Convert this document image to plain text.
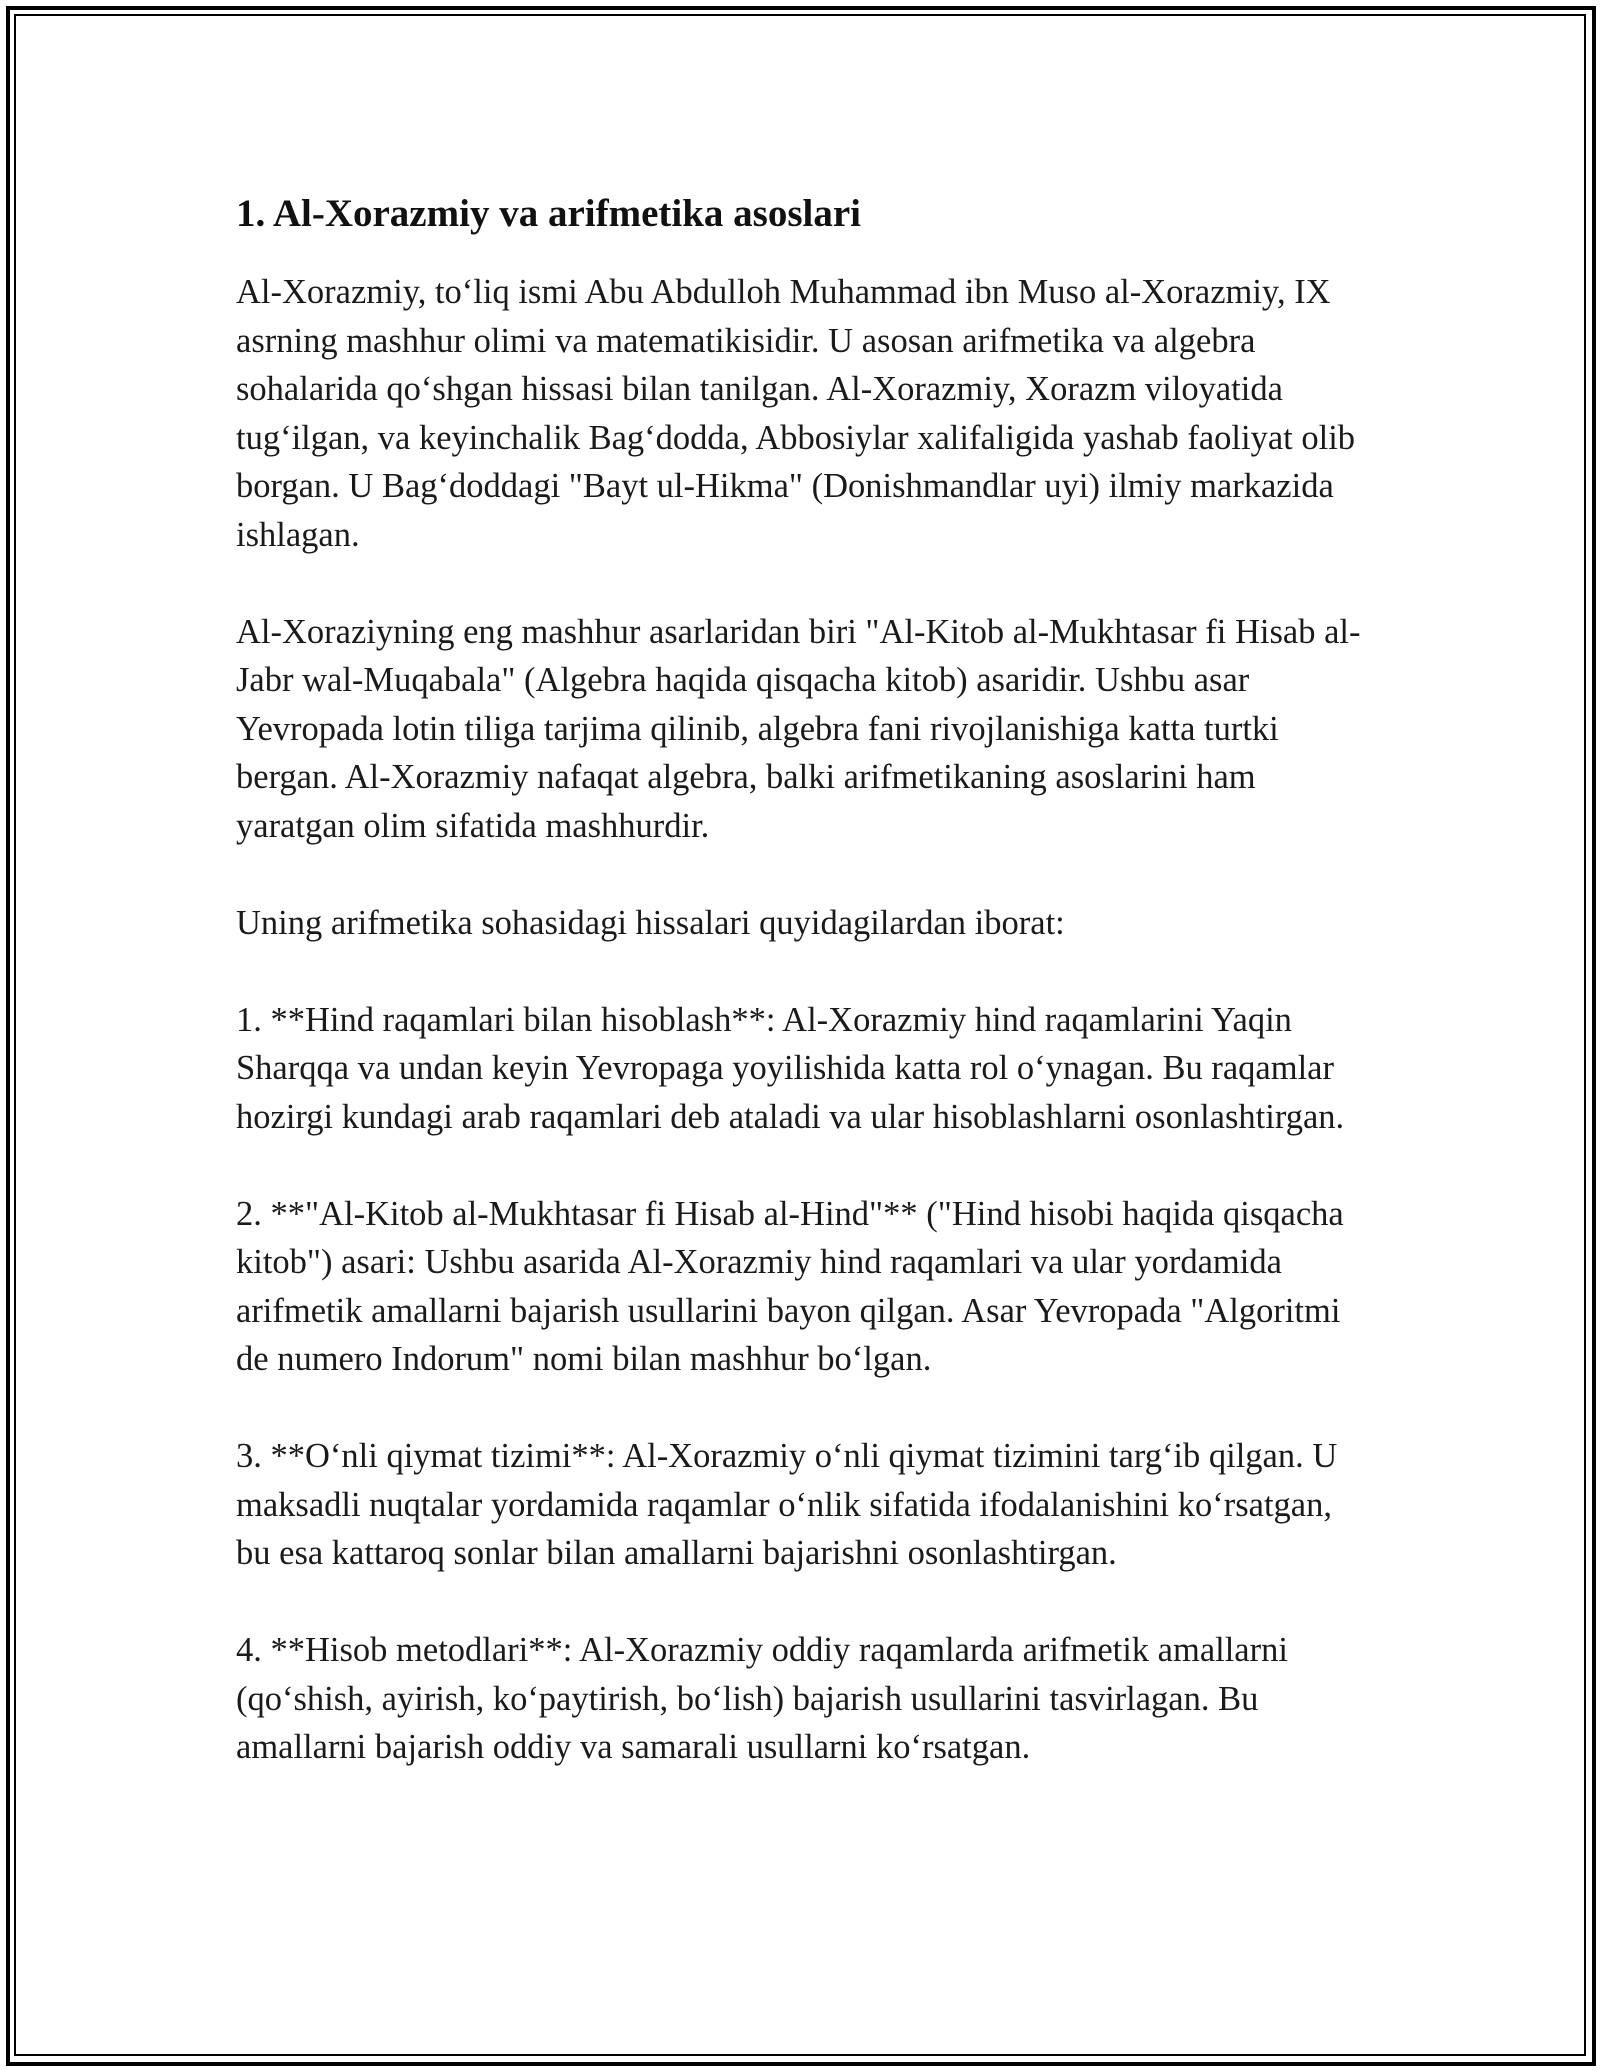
1. Al-Xorazmiy va arifmetika asoslari

Al-Xorazmiy, to‘liq ismi Abu Abdulloh Muhammad ibn Muso al-Xorazmiy, IX asrning mashhur olimi va matematikisidir. U asosan arifmetika va algebra sohalarida qo‘shgan hissasi bilan tanilgan. Al-Xorazmiy, Xorazm viloyatida tug‘ilgan, va keyinchalik Bag‘dodda, Abbosiylar xalifaligida yashab faoliyat olib borgan. U Bag‘doddagi "Bayt ul-Hikma" (Donishmandlar uyi) ilmiy markazida ishlagan.

Al-Xoraziyning eng mashhur asarlaridan biri "Al-Kitob al-Mukhtasar fi Hisab al-Jabr wal-Muqabala" (Algebra haqida qisqacha kitob) asaridir. Ushbu asar Yevropada lotin tiliga tarjima qilinib, algebra fani rivojlanishiga katta turtki bergan. Al-Xorazmiy nafaqat algebra, balki arifmetikaning asoslarini ham yaratgan olim sifatida mashhurdir.

Uning arifmetika sohasidagi hissalari quyidagilardan iborat:

1. **Hind raqamlari bilan hisoblash**: Al-Xorazmiy hind raqamlarini Yaqin Sharqqa va undan keyin Yevropaga yoyilishida katta rol o‘ynagan. Bu raqamlar hozirgi kundagi arab raqamlari deb ataladi va ular hisoblashlarni osonlashtirgan.

2. **"Al-Kitob al-Mukhtasar fi Hisab al-Hind"** ("Hind hisobi haqida qisqacha kitob") asari: Ushbu asarida Al-Xorazmiy hind raqamlari va ular yordamida arifmetik amallarni bajarish usullarini bayon qilgan. Asar Yevropada "Algoritmi de numero Indorum" nomi bilan mashhur bo‘lgan.

3. **O‘nli qiymat tizimi**: Al-Xorazmiy o‘nli qiymat tizimini targ‘ib qilgan. U maksadli nuqtalar yordamida raqamlar o‘nlik sifatida ifodalanishini ko‘rsatgan, bu esa kattaroq sonlar bilan amallarni bajarishni osonlashtirgan.

4. **Hisob metodlari**: Al-Xorazmiy oddiy raqamlarda arifmetik amallarni (qo‘shish, ayirish, ko‘paytirish, bo‘lish) bajarish usullarini tasvirlagan. Bu amallarni bajarish oddiy va samarali usullarni ko‘rsatgan.
